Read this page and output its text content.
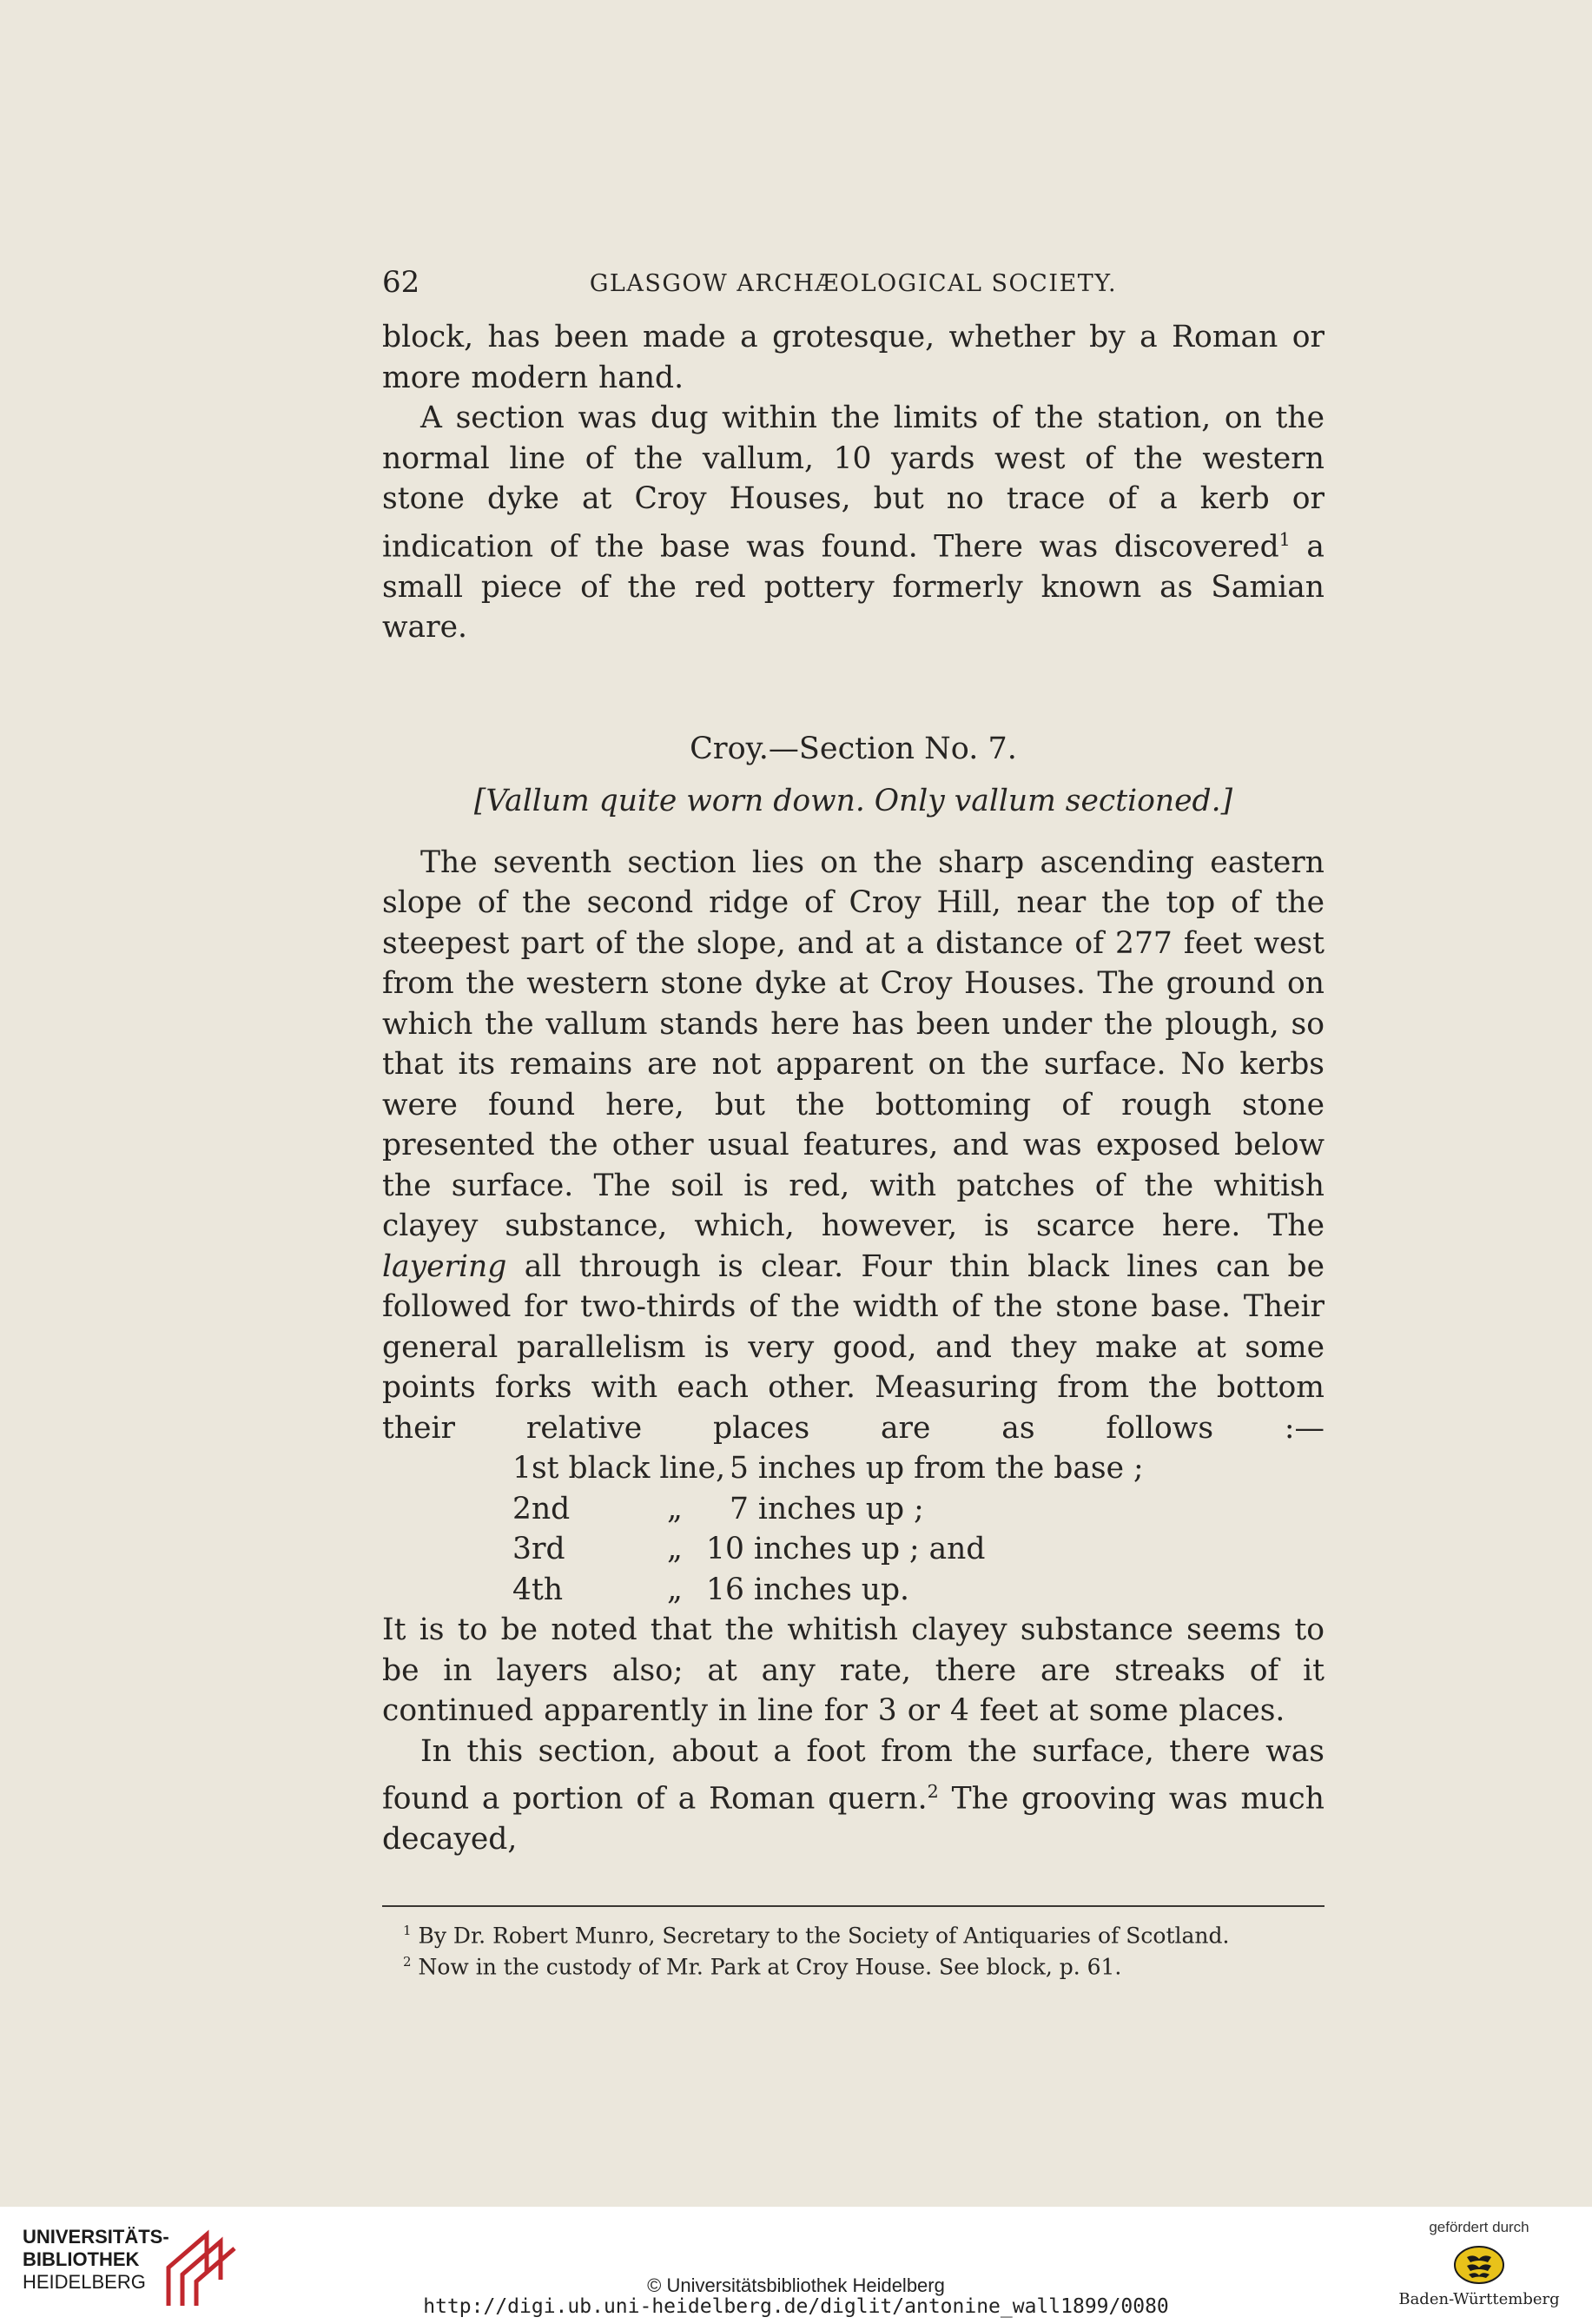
62	GLASGOW ARCHÆOLOGICAL SOCIETY.

block, has been made a grotesque, whether by a Roman or more modern hand.

A section was dug within the limits of the station, on the normal line of the vallum, 10 yards west of the western stone dyke at Croy Houses, but no trace of a kerb or indication of the base was found. There was discovered$^1$ a small piece of the red pottery formerly known as Samian ware.

Croy.—Section No. 7.

[Vallum quite worn down. Only vallum sectioned.]

The seventh section lies on the sharp ascending eastern slope of the second ridge of Croy Hill, near the top of the steepest part of the slope, and at a distance of 277 feet west from the western stone dyke at Croy Houses. The ground on which the vallum stands here has been under the plough, so that its remains are not apparent on the surface. No kerbs were found here, but the bottoming of rough stone presented the other usual features, and was exposed below the surface. The soil is red, with patches of the whitish clayey substance, which, however, is scarce here. The layering all through is clear. Four thin black lines can be followed for two-thirds of the width of the stone base. Their general parallelism is very good, and they make at some points forks with each other. Measuring from the bottom their relative places are as follows :—

1st black line, 5 inches up from the base ;
2nd	„ 7 inches up ;
3rd	„ 10 inches up ; and
4th	„ 16 inches up.

It is to be noted that the whitish clayey substance seems to be in layers also; at any rate, there are streaks of it continued apparently in line for 3 or 4 feet at some places.

In this section, about a foot from the surface, there was found a portion of a Roman quern.$^2$ The grooving was much decayed,

$^1$ By Dr. Robert Munro, Secretary to the Society of Antiquaries of Scotland.

$^2$ Now in the custody of Mr. Park at Croy House. See block, p. 61.

UNIVERSITÄTS-
BIBLIOTHEK
HEIDELBERG	© Universitätsbibliothek Heidelberg
http://digi.ub.uni-heidelberg.de/diglit/antonine_wall1899/0080
gefördert durch
Baden-Württemberg
